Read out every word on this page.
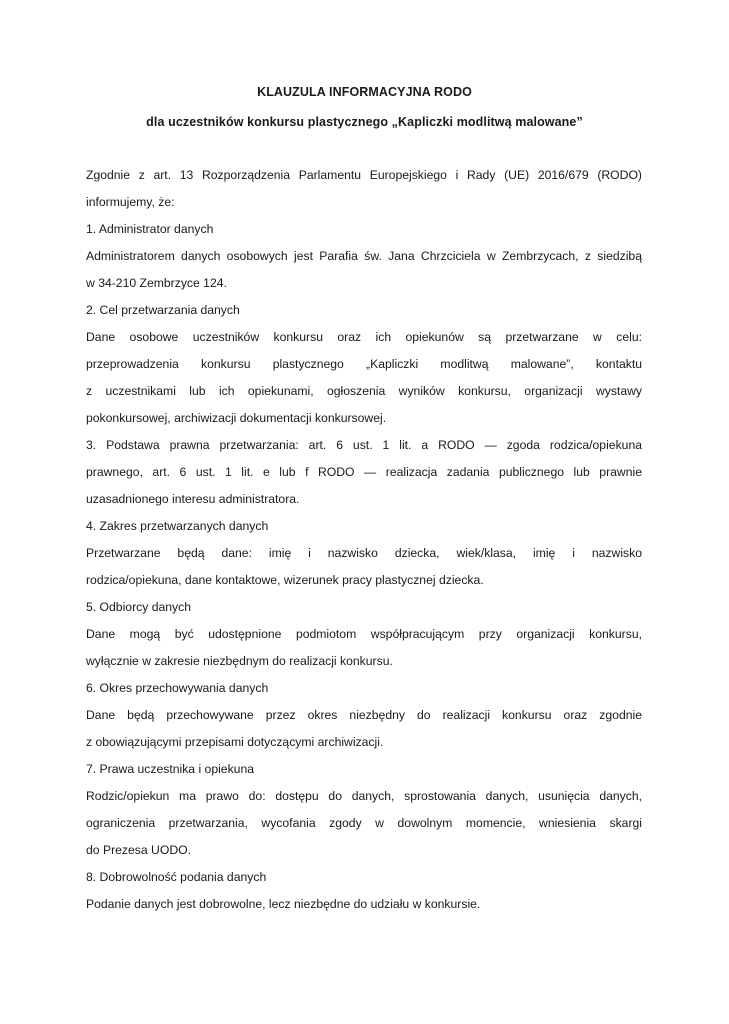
KLAUZULA INFORMACYJNA RODO

dla uczestników konkursu plastycznego „Kapliczki modlitwą malowane”

Zgodnie z art. 13 Rozporządzenia Parlamentu Europejskiego i Rady (UE) 2016/679 (RODO)
informujemy, że:
1. Administrator danych
Administratorem danych osobowych jest Parafia św. Jana Chrzciciela w Zembrzycach, z siedzibą
w 34-210 Zembrzyce 124.
2. Cel przetwarzania danych
Dane osobowe uczestników konkursu oraz ich opiekunów są przetwarzane w celu:
przeprowadzenia konkursu plastycznego „Kapliczki modlitwą malowane”, kontaktu
z uczestnikami lub ich opiekunami, ogłoszenia wyników konkursu, organizacji wystawy
pokonkursowej, archiwizacji dokumentacji konkursowej.
3. Podstawa prawna przetwarzania: art. 6 ust. 1 lit. a RODO — zgoda rodzica/opiekuna
prawnego, art. 6 ust. 1 lit. e lub f RODO — realizacja zadania publicznego lub prawnie
uzasadnionego interesu administratora.
4. Zakres przetwarzanych danych
Przetwarzane będą dane: imię i nazwisko dziecka, wiek/klasa, imię i nazwisko
rodzica/opiekuna, dane kontaktowe, wizerunek pracy plastycznej dziecka.
5. Odbiorcy danych
Dane mogą być udostępnione podmiotom współpracującym przy organizacji konkursu,
wyłącznie w zakresie niezbędnym do realizacji konkursu.
6. Okres przechowywania danych
Dane będą przechowywane przez okres niezbędny do realizacji konkursu oraz zgodnie
z obowiązującymi przepisami dotyczącymi archiwizacji.
7. Prawa uczestnika i opiekuna
Rodzic/opiekun ma prawo do: dostępu do danych, sprostowania danych, usunięcia danych,
ograniczenia przetwarzania, wycofania zgody w dowolnym momencie, wniesienia skargi
do Prezesa UODO.
8. Dobrowolność podania danych
Podanie danych jest dobrowolne, lecz niezbędne do udziału w konkursie.
